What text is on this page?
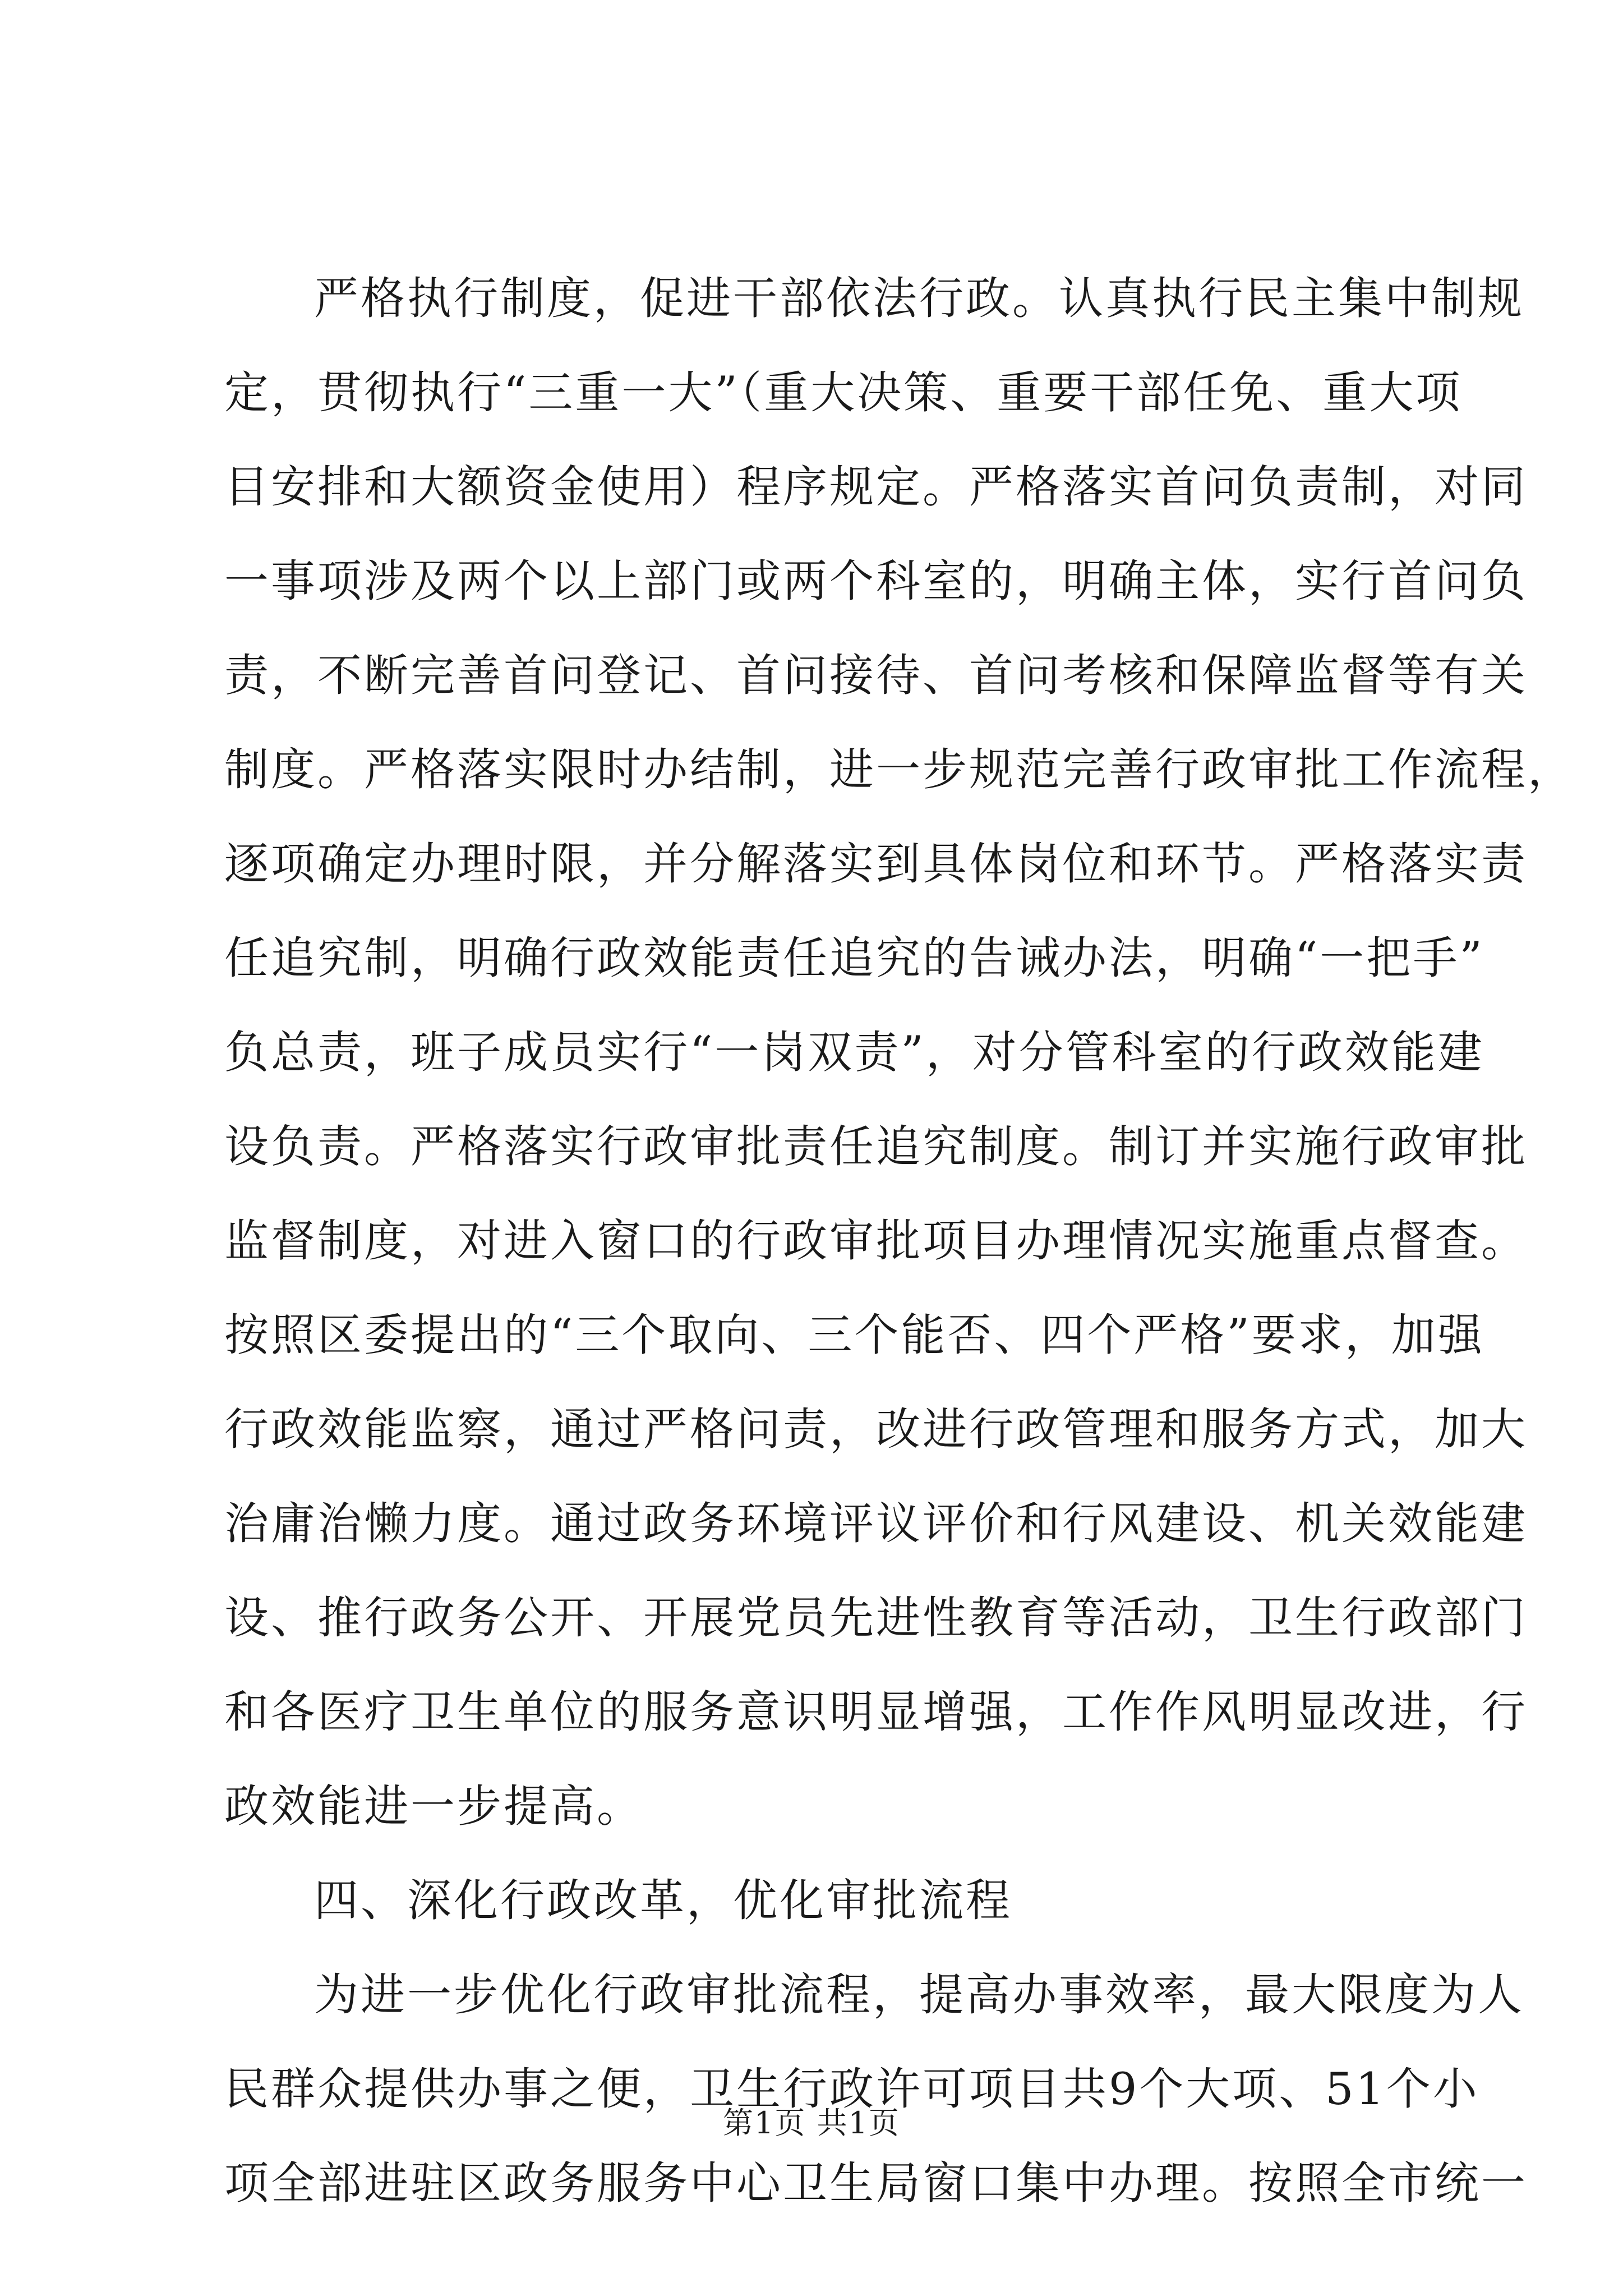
严格执行制度，促进干部依法行政。认真执行民主集中制规
定，贯彻执行“三重一大”（重大决策、重要干部任免、重大项
目安排和大额资金使用）程序规定。严格落实首问负责制，对同
一事项涉及两个以上部门或两个科室的，明确主体，实行首问负
责，不断完善首问登记、首问接待、首问考核和保障监督等有关
制度。严格落实限时办结制，进一步规范完善行政审批工作流程，
逐项确定办理时限，并分解落实到具体岗位和环节。严格落实责
任追究制，明确行政效能责任追究的告诫办法，明确“一把手”
负总责，班子成员实行“一岗双责”，对分管科室的行政效能建
设负责。严格落实行政审批责任追究制度。制订并实施行政审批
监督制度，对进入窗口的行政审批项目办理情况实施重点督查。
按照区委提出的“三个取向、三个能否、四个严格”要求，加强
行政效能监察，通过严格问责，改进行政管理和服务方式，加大
治庸治懒力度。通过政务环境评议评价和行风建设、机关效能建
设、推行政务公开、开展党员先进性教育等活动，卫生行政部门
和各医疗卫生单位的服务意识明显增强，工作作风明显改进，行
政效能进一步提高。
四、深化行政改革，优化审批流程
为进一步优化行政审批流程，提高办事效率，最大限度为人
民群众提供办事之便，卫生行政许可项目共9个大项、51个小
项全部进驻区政务服务中心卫生局窗口集中办理。按照全市统一
第1页 共1页
